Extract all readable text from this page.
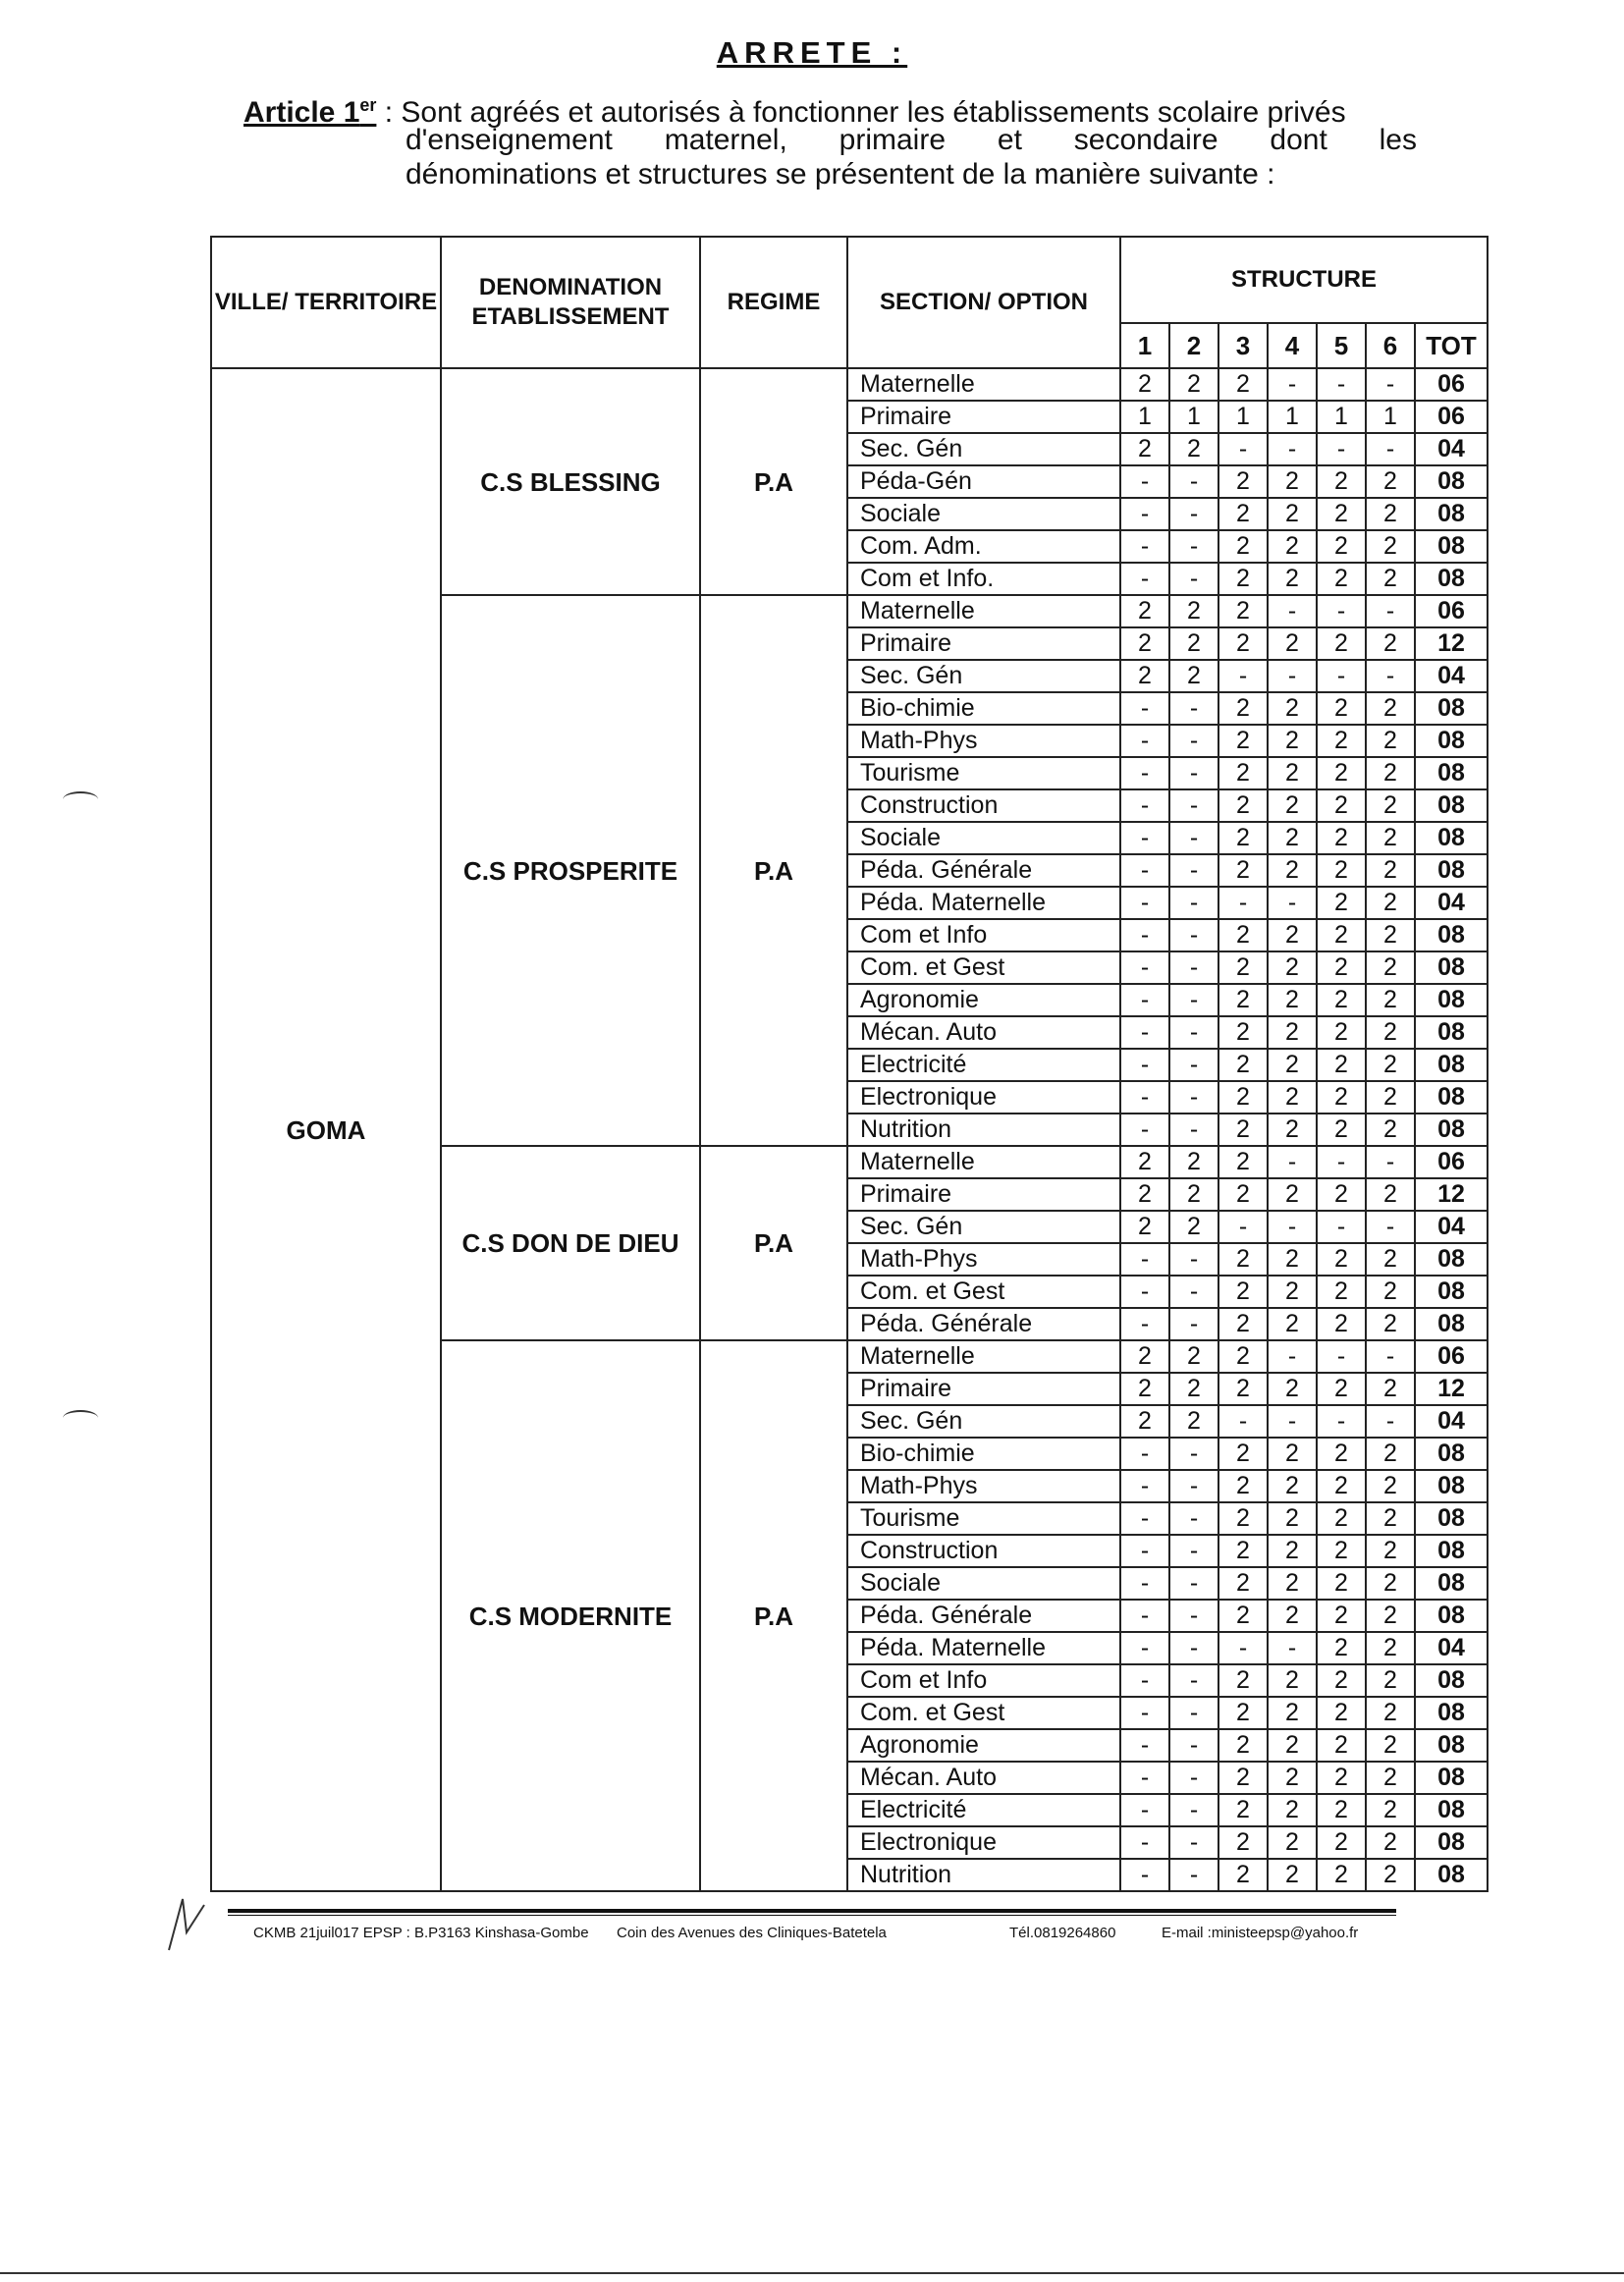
ARRETE :
Article 1er : Sont agréés et autorisés à fonctionner les établissements scolaire privés
d'enseignement maternel, primaire et secondaire dont les
dénominations et structures se présentent de la manière suivante :
VILLE/ TERRITOIRE	DENOMINATION ETABLISSEMENT	REGIME	SECTION/ OPTION	STRUCTURE						
				1	2	3	4	5	6	TOT
GOMA	C.S BLESSING	P.A	Maternelle	2	2	2	-	-	-	06
			Primaire	1	1	1	1	1	1	06
			Sec. Gén	2	2	-	-	-	-	04
			Péda-Gén	-	-	2	2	2	2	08
			Sociale	-	-	2	2	2	2	08
			Com. Adm.	-	-	2	2	2	2	08
			Com et Info.	-	-	2	2	2	2	08
	C.S PROSPERITE	P.A	Maternelle	2	2	2	-	-	-	06
			Primaire	2	2	2	2	2	2	12
			Sec. Gén	2	2	-	-	-	-	04
			Bio-chimie	-	-	2	2	2	2	08
			Math-Phys	-	-	2	2	2	2	08
			Tourisme	-	-	2	2	2	2	08
			Construction	-	-	2	2	2	2	08
			Sociale	-	-	2	2	2	2	08
			Péda. Générale	-	-	2	2	2	2	08
			Péda. Maternelle	-	-	-	-	2	2	04
			Com et Info	-	-	2	2	2	2	08
			Com. et Gest	-	-	2	2	2	2	08
			Agronomie	-	-	2	2	2	2	08
			Mécan. Auto	-	-	2	2	2	2	08
			Electricité	-	-	2	2	2	2	08
			Electronique	-	-	2	2	2	2	08
			Nutrition	-	-	2	2	2	2	08
	C.S DON DE DIEU	P.A	Maternelle	2	2	2	-	-	-	06
			Primaire	2	2	2	2	2	2	12
			Sec. Gén	2	2	-	-	-	-	04
			Math-Phys	-	-	2	2	2	2	08
			Com. et Gest	-	-	2	2	2	2	08
			Péda. Générale	-	-	2	2	2	2	08
	C.S MODERNITE	P.A	Maternelle	2	2	2	-	-	-	06
			Primaire	2	2	2	2	2	2	12
			Sec. Gén	2	2	-	-	-	-	04
			Bio-chimie	-	-	2	2	2	2	08
			Math-Phys	-	-	2	2	2	2	08
			Tourisme	-	-	2	2	2	2	08
			Construction	-	-	2	2	2	2	08
			Sociale	-	-	2	2	2	2	08
			Péda. Générale	-	-	2	2	2	2	08
			Péda. Maternelle	-	-	-	-	2	2	04
			Com et Info	-	-	2	2	2	2	08
			Com. et Gest	-	-	2	2	2	2	08
			Agronomie	-	-	2	2	2	2	08
			Mécan. Auto	-	-	2	2	2	2	08
			Electricité	-	-	2	2	2	2	08
			Electronique	-	-	2	2	2	2	08
			Nutrition	-	-	2	2	2	2	08
CKMB 21juil017 EPSP : B.P3163 Kinshasa-Gombe Coin des Avenues des Cliniques-Batetela	Tél.0819264860	E-mail :ministeepsp@yahoo.fr
